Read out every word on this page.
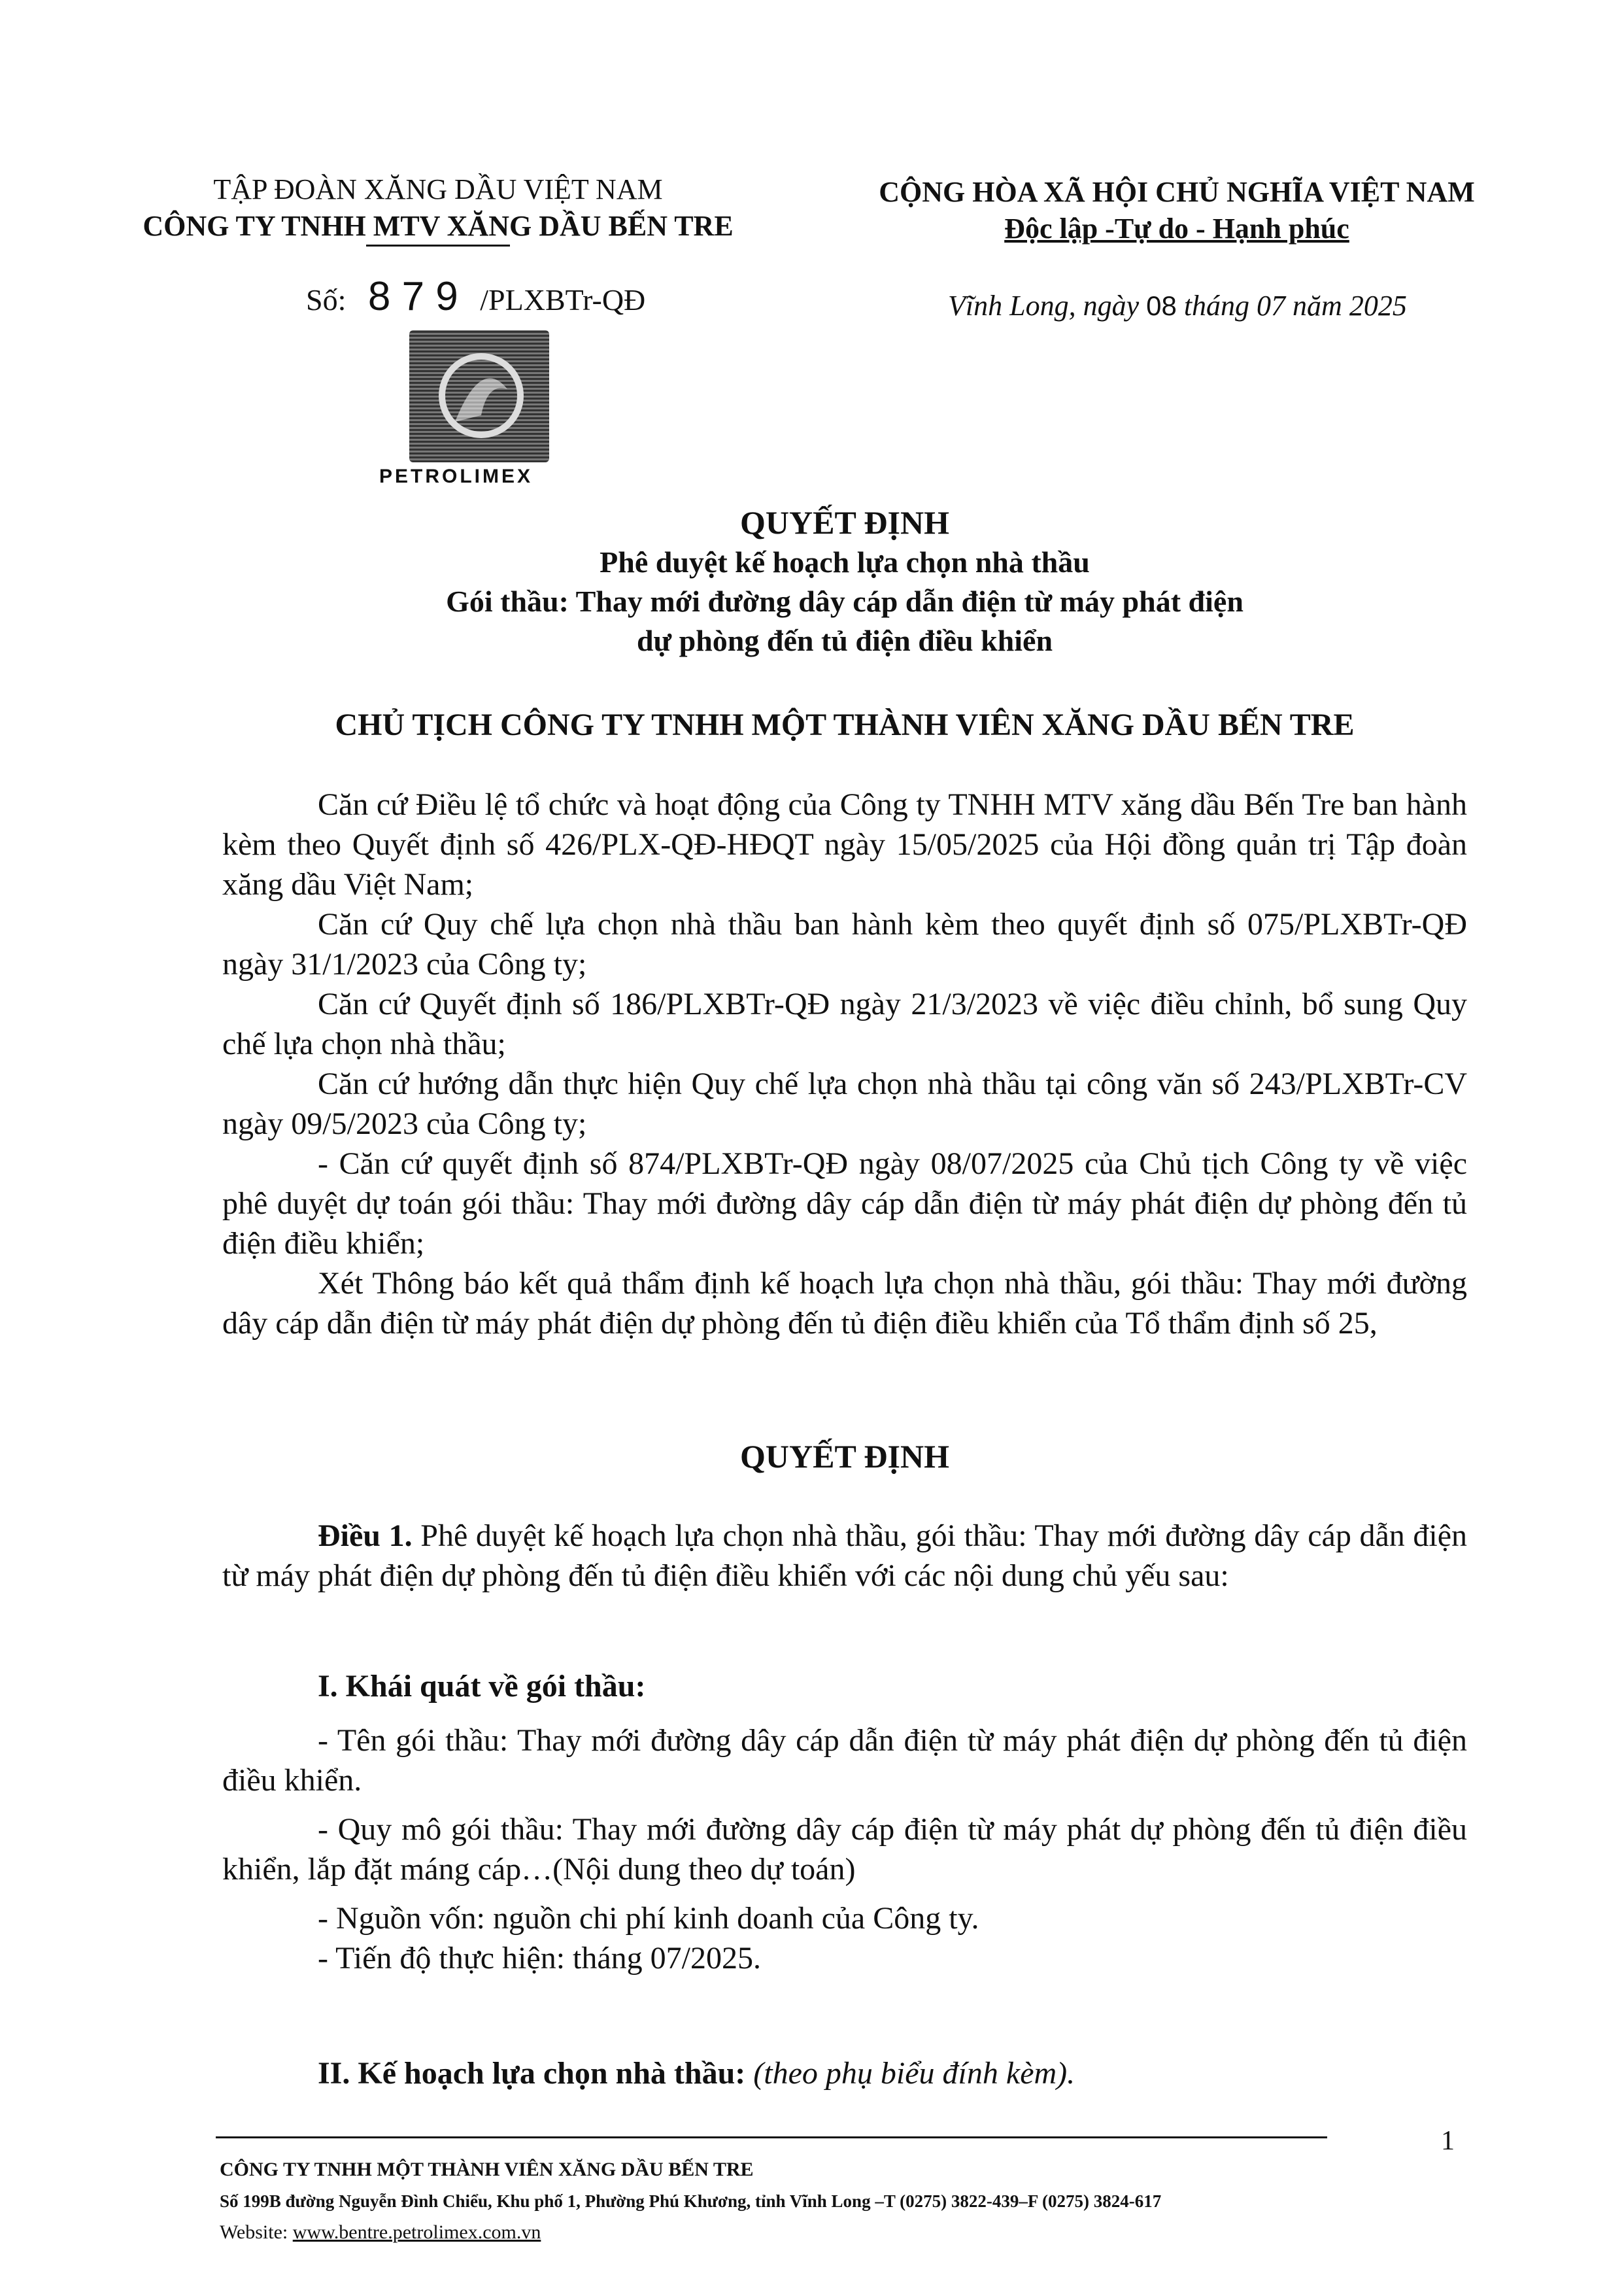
TẬP ĐOÀN XĂNG DẦU VIỆT NAM
CÔNG TY TNHH MTV XĂNG DẦU BẾN TRE
Số: 8 7 9 /PLXBTr-QĐ
PETROLIMEX
CỘNG HÒA XÃ HỘI CHỦ NGHĨA VIỆT NAM
Độc lập -Tự do - Hạnh phúc
Vĩnh Long, ngày 08 tháng 07 năm 2025
QUYẾT ĐỊNH
Phê duyệt kế hoạch lựa chọn nhà thầu
Gói thầu: Thay mới đường dây cáp dẫn điện từ máy phát điện
dự phòng đến tủ điện điều khiển
CHỦ TỊCH CÔNG TY TNHH MỘT THÀNH VIÊN XĂNG DẦU BẾN TRE

Căn cứ Điều lệ tổ chức và hoạt động của Công ty TNHH MTV xăng dầu Bến Tre ban hành kèm theo Quyết định số 426/PLX-QĐ-HĐQT ngày 15/05/2025 của Hội đồng quản trị Tập đoàn xăng dầu Việt Nam;

Căn cứ Quy chế lựa chọn nhà thầu ban hành kèm theo quyết định số 075/PLXBTr-QĐ ngày 31/1/2023 của Công ty;

Căn cứ Quyết định số 186/PLXBTr-QĐ ngày 21/3/2023 về việc điều chỉnh, bổ sung Quy chế lựa chọn nhà thầu;

Căn cứ hướng dẫn thực hiện Quy chế lựa chọn nhà thầu tại công văn số 243/PLXBTr-CV ngày 09/5/2023 của Công ty;

- Căn cứ quyết định số 874/PLXBTr-QĐ ngày 08/07/2025 của Chủ tịch Công ty về việc phê duyệt dự toán gói thầu: Thay mới đường dây cáp dẫn điện từ máy phát điện dự phòng đến tủ điện điều khiển;

Xét Thông báo kết quả thẩm định kế hoạch lựa chọn nhà thầu, gói thầu: Thay mới đường dây cáp dẫn điện từ máy phát điện dự phòng đến tủ điện điều khiển của Tổ thẩm định số 25,

QUYẾT ĐỊNH

Điều 1. Phê duyệt kế hoạch lựa chọn nhà thầu, gói thầu: Thay mới đường dây cáp dẫn điện từ máy phát điện dự phòng đến tủ điện điều khiển với các nội dung chủ yếu sau:

I. Khái quát về gói thầu:

- Tên gói thầu: Thay mới đường dây cáp dẫn điện từ máy phát điện dự phòng đến tủ điện điều khiển.

- Quy mô gói thầu: Thay mới đường dây cáp điện từ máy phát dự phòng đến tủ điện điều khiển, lắp đặt máng cáp…(Nội dung theo dự toán)

- Nguồn vốn: nguồn chi phí kinh doanh của Công ty.

- Tiến độ thực hiện: tháng 07/2025.

II. Kế hoạch lựa chọn nhà thầu: (theo phụ biểu đính kèm).

1
CÔNG TY TNHH MỘT THÀNH VIÊN XĂNG DẦU BẾN TRE
Số 199B đường Nguyễn Đình Chiểu, Khu phố 1, Phường Phú Khương, tỉnh Vĩnh Long –T (0275) 3822-439–F (0275) 3824-617
Website: www.bentre.petrolimex.com.vn
